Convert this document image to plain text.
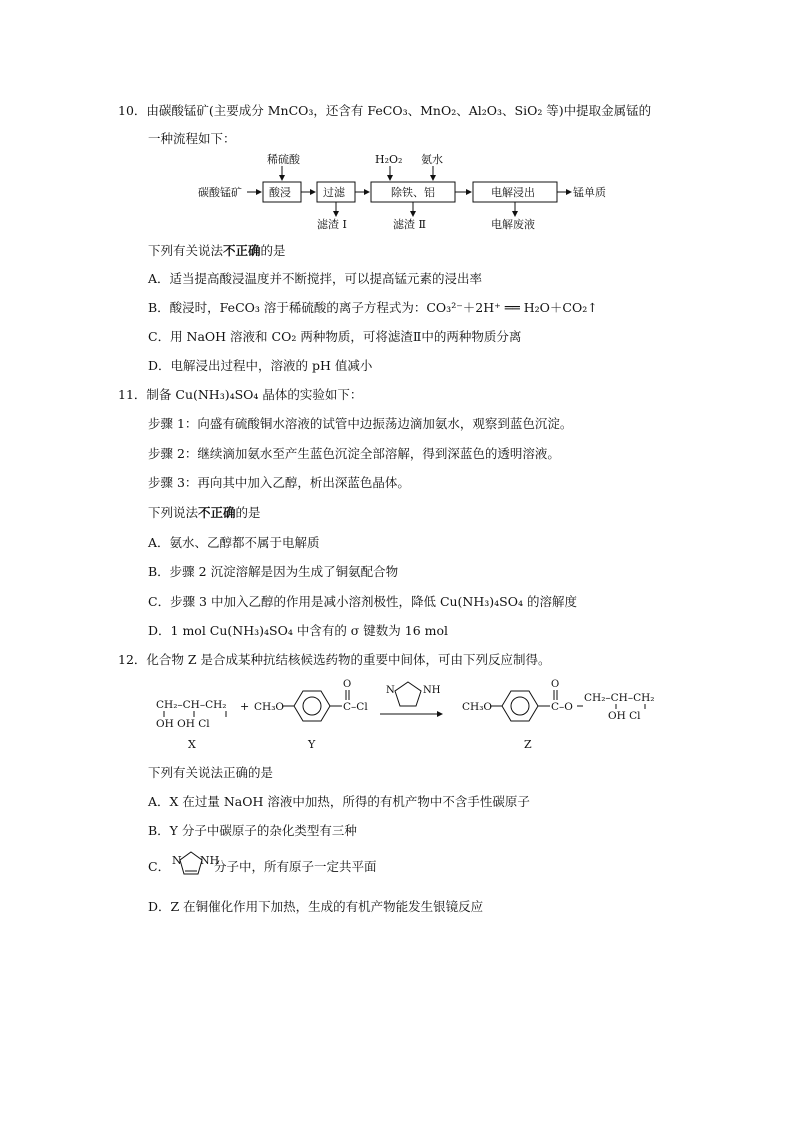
10．由碳酸锰矿(主要成分 MnCO₃，还含有 FeCO₃、MnO₂、Al₂O₃、SiO₂ 等)中提取金属锰的
一种流程如下：
稀硫酸	H₂O₂ 氨水
碳酸锰矿 酸浸	过滤	除铁、铝	电解浸出	锰单质
滤渣 Ⅰ	滤渣 Ⅱ	电解废液
下列有关说法不正确的是
A．适当提高酸浸温度并不断搅拌，可以提高锰元素的浸出率
B．酸浸时，FeCO₃ 溶于稀硫酸的离子方程式为：CO₃²⁻＋2H⁺ ══ H₂O＋CO₂↑
C．用 NaOH 溶液和 CO₂ 两种物质，可将滤渣Ⅱ中的两种物质分离
D．电解浸出过程中，溶液的 pH 值减小
11．制备 Cu(NH₃)₄SO₄ 晶体的实验如下：
步骤 1：向盛有硫酸铜水溶液的试管中边振荡边滴加氨水，观察到蓝色沉淀。
步骤 2：继续滴加氨水至产生蓝色沉淀全部溶解，得到深蓝色的透明溶液。
步骤 3：再向其中加入乙醇，析出深蓝色晶体。
下列说法不正确的是
A．氨水、乙醇都不属于电解质
B．步骤 2 沉淀溶解是因为生成了铜氨配合物
C．步骤 3 中加入乙醇的作用是减小溶剂极性，降低 Cu(NH₃)₄SO₄ 的溶解度
D．1 mol Cu(NH₃)₄SO₄ 中含有的 σ 键数为 16 mol
12．化合物 Z 是合成某种抗结核候选药物的重要中间体，可由下列反应制得。
CH₂–CH–CH₂
OH OH Cl
X
+ CH₃O	C–Cl
O
Y
NH
N
CH₃O	C–O
O
CH₂–CH–CH₂
OH Cl
Z
下列有关说法正确的是
A．X 在过量 NaOH 溶液中加热，所得的有机产物中不含手性碳原子
B．Y 分子中碳原子的杂化类型有三种
C． N NH
分子中，所有原子一定共平面
D．Z 在铜催化作用下加热，生成的有机产物能发生银镜反应
